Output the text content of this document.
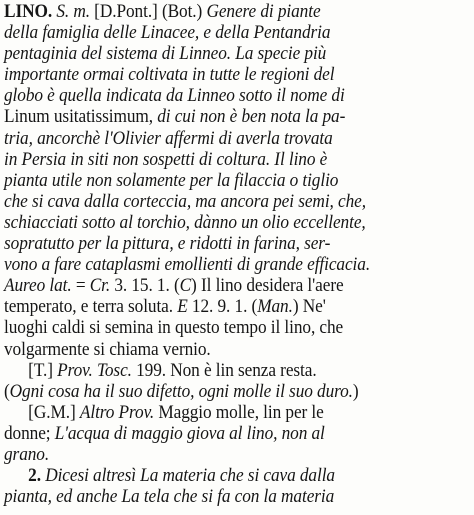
LINO. S. m. [D.Pont.] (Bot.) Genere di piante
della famiglia delle Linacee, e della Pentandria
pentaginia del sistema di Linneo. La specie più
importante ormai coltivata in tutte le regioni del
globo è quella indicata da Linneo sotto il nome di
Linum usitatissimum, di cui non è ben nota la pa-
tria, ancorchè l'Olivier affermi di averla trovata
in Persia in siti non sospetti di coltura. Il lino è
pianta utile non solamente per la filaccia o tiglio
che si cava dalla corteccia, ma ancora pei semi, che,
schiacciati sotto al torchio, dànno un olio eccellente,
sopratutto per la pittura, e ridotti in farina, ser-
vono a fare cataplasmi emollienti di grande efficacia.
Aureo lat. = Cr. 3. 15. 1. (C) Il lino desidera l'aere
temperato, e terra soluta. E 12. 9. 1. (Man.) Ne'
luoghi caldi si semina in questo tempo il lino, che
volgarmente si chiama vernio.
[T.] Prov. Tosc. 199. Non è lin senza resta.
(Ogni cosa ha il suo difetto, ogni molle il suo duro.)
[G.M.] Altro Prov. Maggio molle, lin per le
donne; L'acqua di maggio giova al lino, non al
grano.
2. Dicesi altresì La materia che si cava dalla
pianta, ed anche La tela che si fa con la materia
